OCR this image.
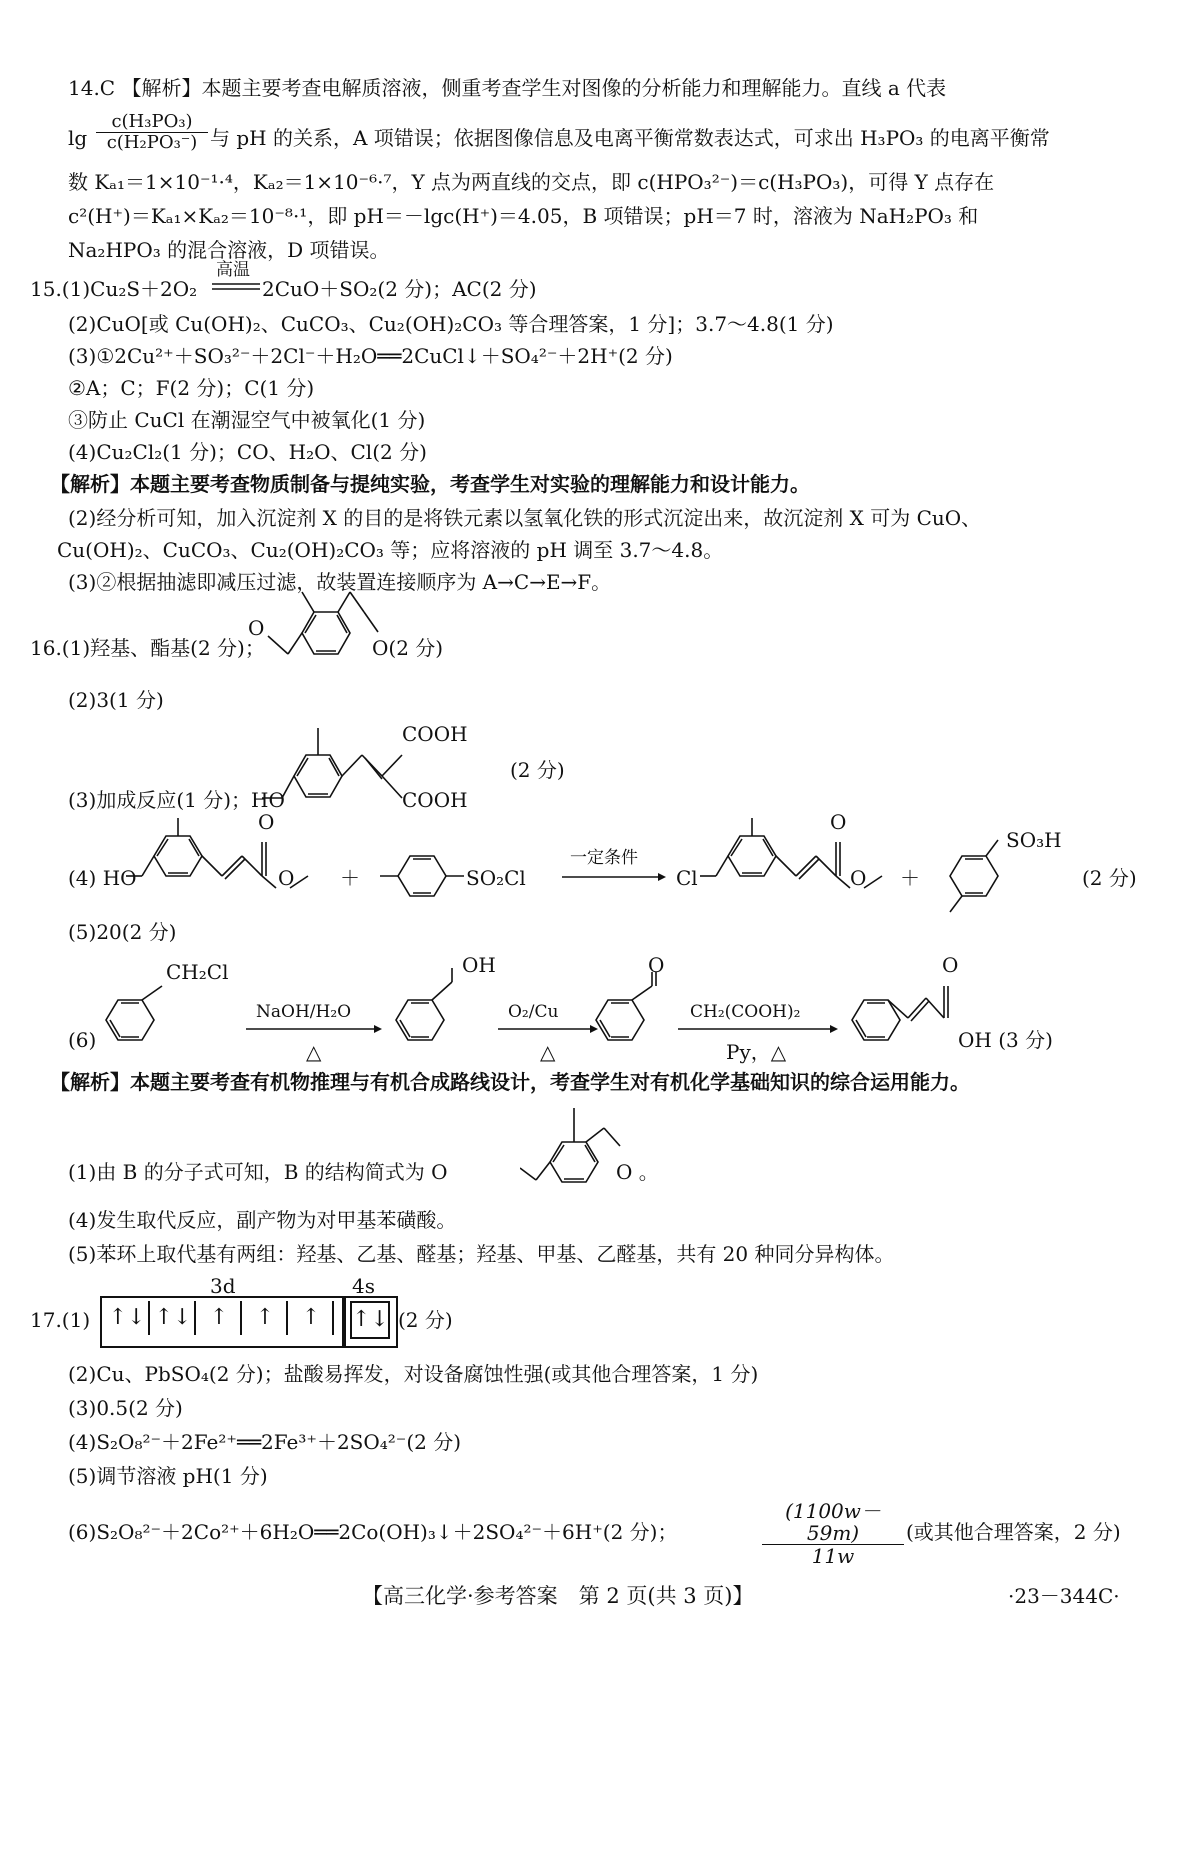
14.C 【解析】本题主要考查电解质溶液，侧重考查学生对图像的分析能力和理解能力。直线 a 代表
lg
c(H₃PO₃)
c(H₂PO₃⁻) 与 pH 的关系，A 项错误；依据图像信息及电离平衡常数表达式，可求出 H₃PO₃ 的电离平衡常
数 Kₐ₁＝1×10⁻¹·⁴，Kₐ₂＝1×10⁻⁶·⁷，Y 点为两直线的交点，即 c(HPO₃²⁻)＝c(H₃PO₃)，可得 Y 点存在
c²(H⁺)＝Kₐ₁×Kₐ₂＝10⁻⁸·¹，即 pH＝－lgc(H⁺)＝4.05，B 项错误；pH＝7 时，溶液为 NaH₂PO₃ 和
Na₂HPO₃ 的混合溶液，D 项错误。
15.(1)Cu₂S＋2O₂
高温
2CuO＋SO₂(2 分)；AC(2 分)
(2)CuO[或 Cu(OH)₂、CuCO₃、Cu₂(OH)₂CO₃ 等合理答案，1 分]；3.7～4.8(1 分)
(3)①2Cu²⁺＋SO₃²⁻＋2Cl⁻＋H₂O══2CuCl↓＋SO₄²⁻＋2H⁺(2 分)
②A；C；F(2 分)；C(1 分)
③防止 CuCl 在潮湿空气中被氧化(1 分)
(4)Cu₂Cl₂(1 分)；CO、H₂O、Cl(2 分)
【解析】本题主要考查物质制备与提纯实验，考查学生对实验的理解能力和设计能力。
(2)经分析可知，加入沉淀剂 X 的目的是将铁元素以氢氧化铁的形式沉淀出来，故沉淀剂 X 可为 CuO、
Cu(OH)₂、CuCO₃、Cu₂(OH)₂CO₃ 等；应将溶液的 pH 调至 3.7～4.8。
(3)②根据抽滤即减压过滤，故装置连接顺序为 A→C→E→F。
16.(1)羟基、酯基(2 分)；
O
O(2 分)
(2)3(1 分)
(3)加成反应(1 分)；HO
COOH
COOH
(2 分)
(4) HO
O
O ＋	SO₂Cl
一定条件
Cl
O
O ＋
SO₃H
(2 分)
(5)20(2 分)
(6)
CH₂Cl
NaOH/H₂O
△
OH
O₂/Cu
△
O
CH₂(COOH)₂
Py，△
O
OH (3 分)
【解析】本题主要考查有机物推理与有机合成路线设计，考查学生对有机化学基础知识的综合运用能力。
(1)由 B 的分子式可知，B 的结构简式为 O	O 。
(4)发生取代反应，副产物为对甲基苯磺酸。
(5)苯环上取代基有两组：羟基、乙基、醛基；羟基、甲基、乙醛基，共有 20 种同分异构体。
17.(1)
3d	4s
↑↓ ↑↓ ↑	↑	↑	↑↓ (2 分)
(2)Cu、PbSO₄(2 分)；盐酸易挥发，对设备腐蚀性强(或其他合理答案，1 分)
(3)0.5(2 分)
(4)S₂O₈²⁻＋2Fe²⁺══2Fe³⁺＋2SO₄²⁻(2 分)
(5)调节溶液 pH(1 分)
(6)S₂O₈²⁻＋2Co²⁺＋6H₂O══2Co(OH)₃↓＋2SO₄²⁻＋6H⁺(2 分)；
(1100w－59m)
11w
(或其他合理答案，2 分)
【高三化学·参考答案　第 2 页(共 3 页)】	·23－344C·
